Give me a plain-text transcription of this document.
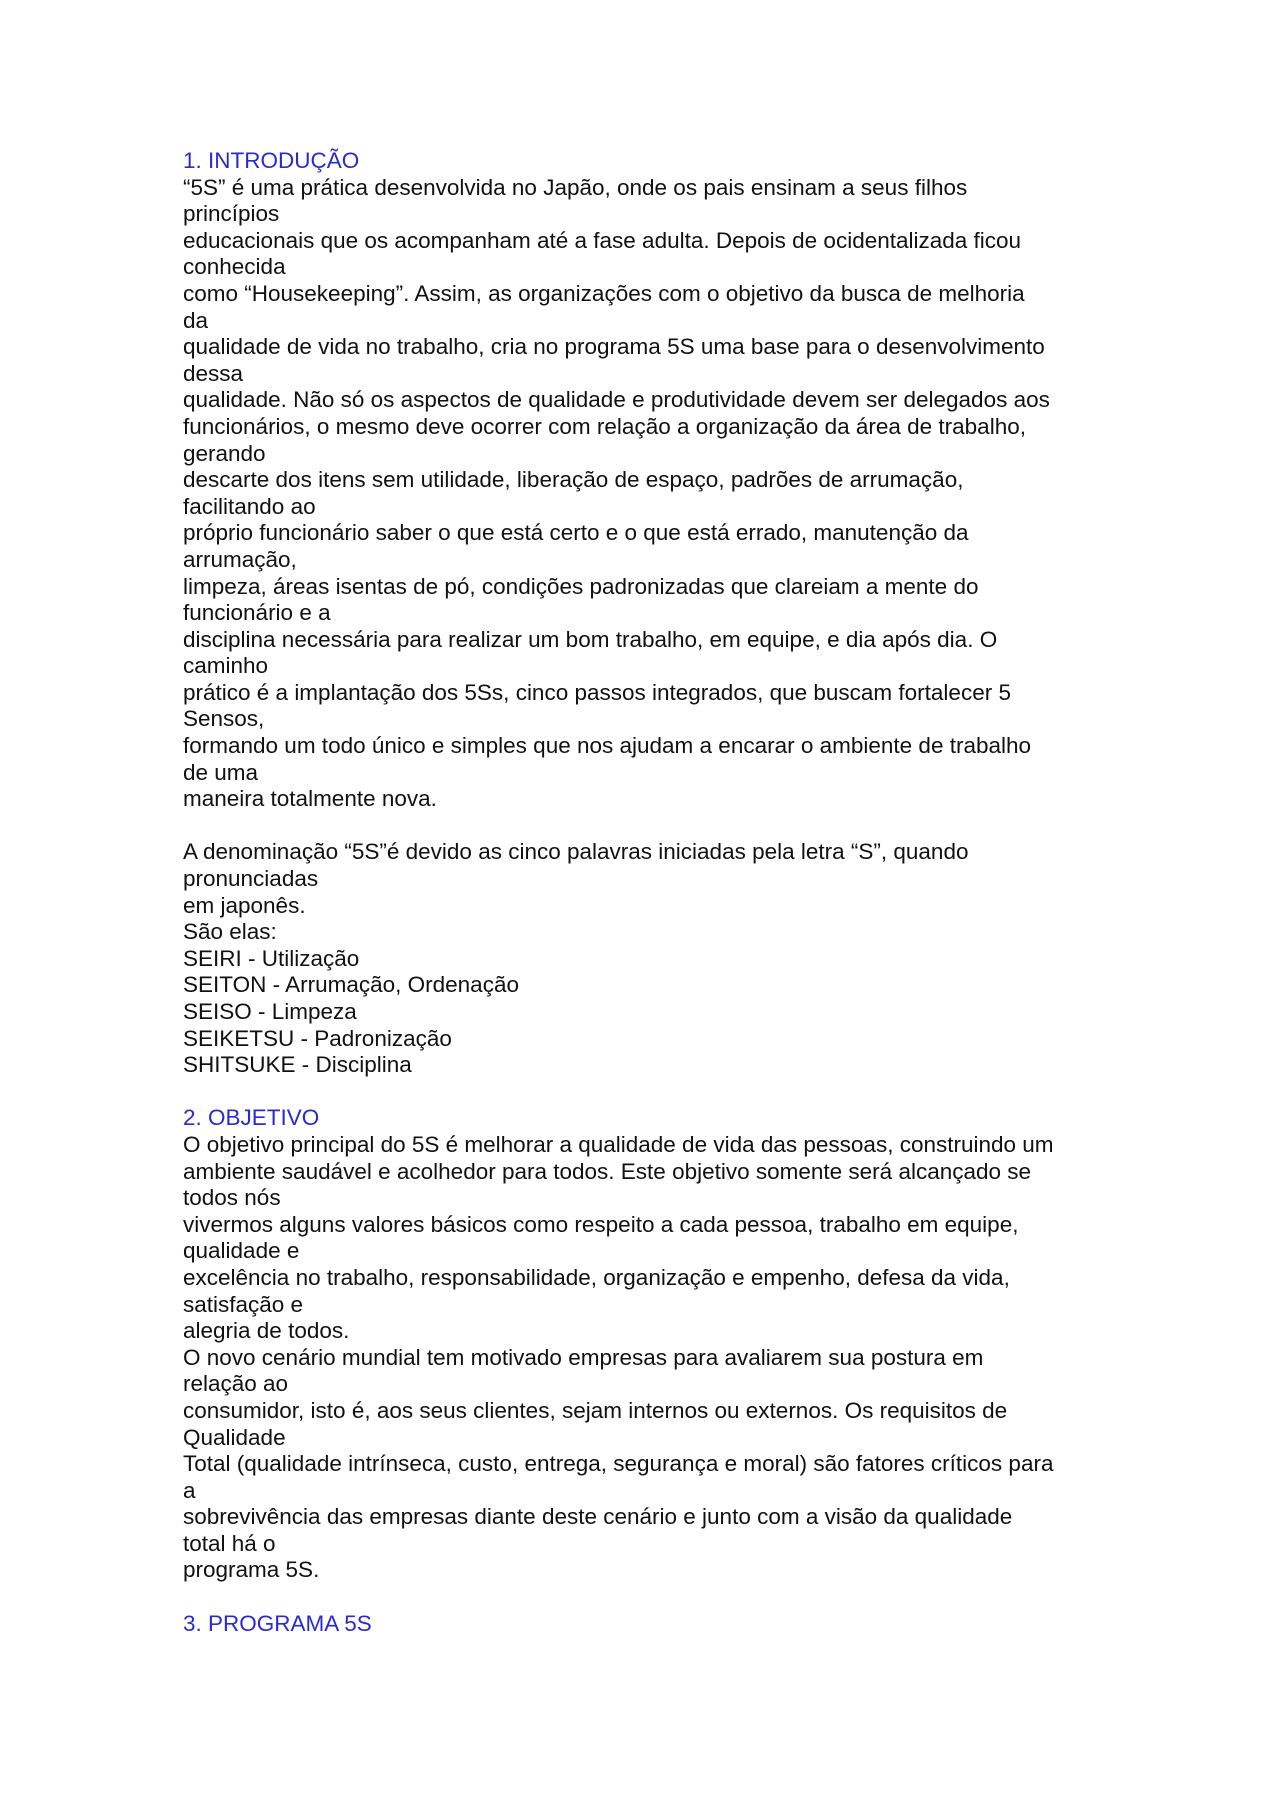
1. INTRODUÇÃO
“5S” é uma prática desenvolvida no Japão, onde os pais ensinam a seus filhos
princípios
educacionais que os acompanham até a fase adulta. Depois de ocidentalizada ficou
conhecida
como “Housekeeping”. Assim, as organizações com o objetivo da busca de melhoria
da
qualidade de vida no trabalho, cria no programa 5S uma base para o desenvolvimento
dessa
qualidade. Não só os aspectos de qualidade e produtividade devem ser delegados aos
funcionários, o mesmo deve ocorrer com relação a organização da área de trabalho,
gerando
descarte dos itens sem utilidade, liberação de espaço, padrões de arrumação,
facilitando ao
próprio funcionário saber o que está certo e o que está errado, manutenção da
arrumação,
limpeza, áreas isentas de pó, condições padronizadas que clareiam a mente do
funcionário e a
disciplina necessária para realizar um bom trabalho, em equipe, e dia após dia. O
caminho
prático é a implantação dos 5Ss, cinco passos integrados, que buscam fortalecer 5
Sensos,
formando um todo único e simples que nos ajudam a encarar o ambiente de trabalho
de uma
maneira totalmente nova.
A denominação “5S”é devido as cinco palavras iniciadas pela letra “S”, quando
pronunciadas
em japonês.
São elas:
SEIRI - Utilização
SEITON - Arrumação, Ordenação
SEISO - Limpeza
SEIKETSU - Padronização
SHITSUKE - Disciplina
2. OBJETIVO
O objetivo principal do 5S é melhorar a qualidade de vida das pessoas, construindo um
ambiente saudável e acolhedor para todos. Este objetivo somente será alcançado se
todos nós
vivermos alguns valores básicos como respeito a cada pessoa, trabalho em equipe,
qualidade e
excelência no trabalho, responsabilidade, organização e empenho, defesa da vida,
satisfação e
alegria de todos.
O novo cenário mundial tem motivado empresas para avaliarem sua postura em
relação ao
consumidor, isto é, aos seus clientes, sejam internos ou externos. Os requisitos de
Qualidade
Total (qualidade intrínseca, custo, entrega, segurança e moral) são fatores críticos para
a
sobrevivência das empresas diante deste cenário e junto com a visão da qualidade
total há o
programa 5S.
3. PROGRAMA 5S
